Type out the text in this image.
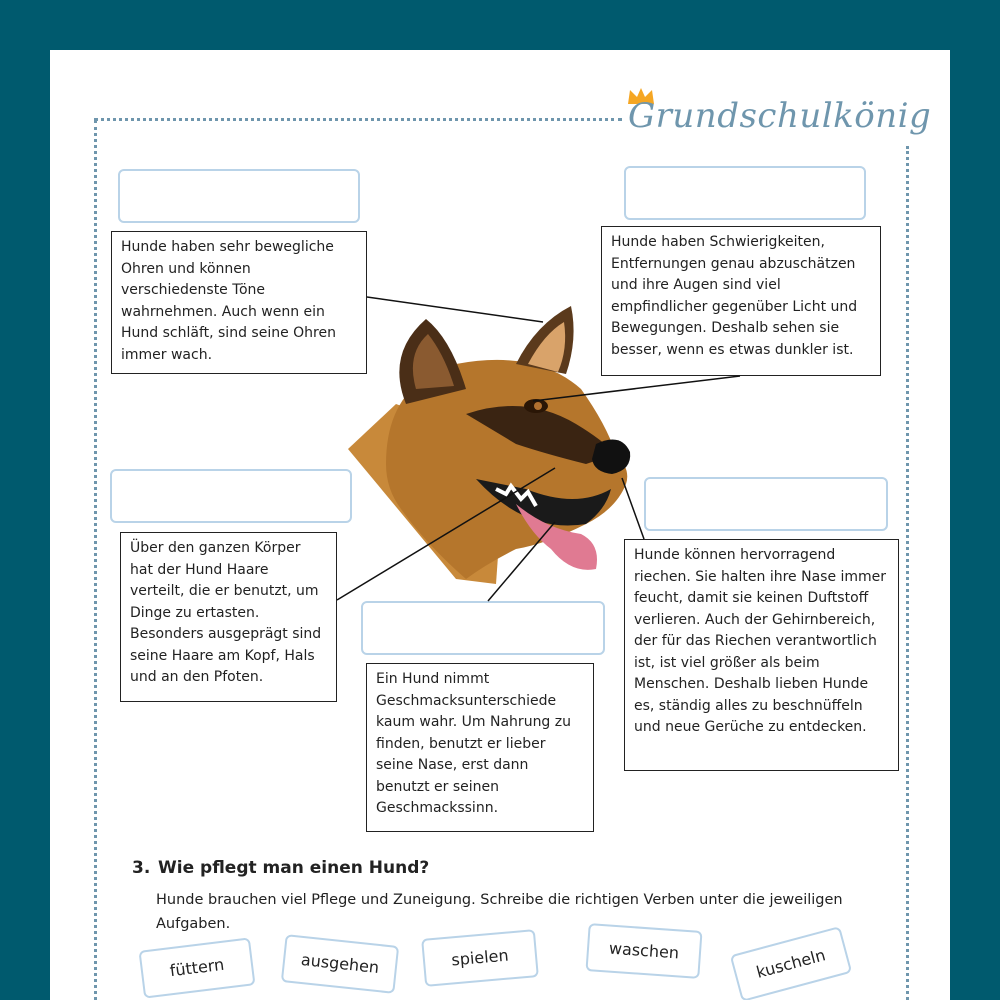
Grundschulkönig
Hunde haben sehr bewegliche Ohren und können verschiedenste Töne wahrnehmen. Auch wenn ein Hund schläft, sind seine Ohren immer wach.
Hunde haben Schwierigkeiten, Entfernungen genau abzuschätzen und ihre Augen sind viel empfindlicher gegenüber Licht und Bewegungen. Deshalb sehen sie besser, wenn es etwas dunkler ist.
Über den ganzen Körper hat der Hund Haare verteilt, die er benutzt, um Dinge zu ertasten. Besonders ausgeprägt sind seine Haare am Kopf, Hals und an den Pfoten.	Ein Hund nimmt Geschmacksunterschiede kaum wahr. Um Nahrung zu finden, benutzt er lieber seine Nase, erst dann benutzt er seinen Geschmackssinn.
Hunde können hervorragend riechen. Sie halten ihre Nase immer feucht, damit sie keinen Duftstoff verlieren. Auch der Gehirnbereich, der für das Riechen verantwortlich ist, ist viel größer als beim Menschen. Deshalb lieben Hunde es, ständig alles zu beschnüffeln und neue Gerüche zu entdecken.
3. Wie pflegt man einen Hund?
Hunde brauchen viel Pflege und Zuneigung. Schreibe die richtigen Verben unter die jeweiligen Aufgaben.
füttern	ausgehen	spielen	waschen	kuscheln
